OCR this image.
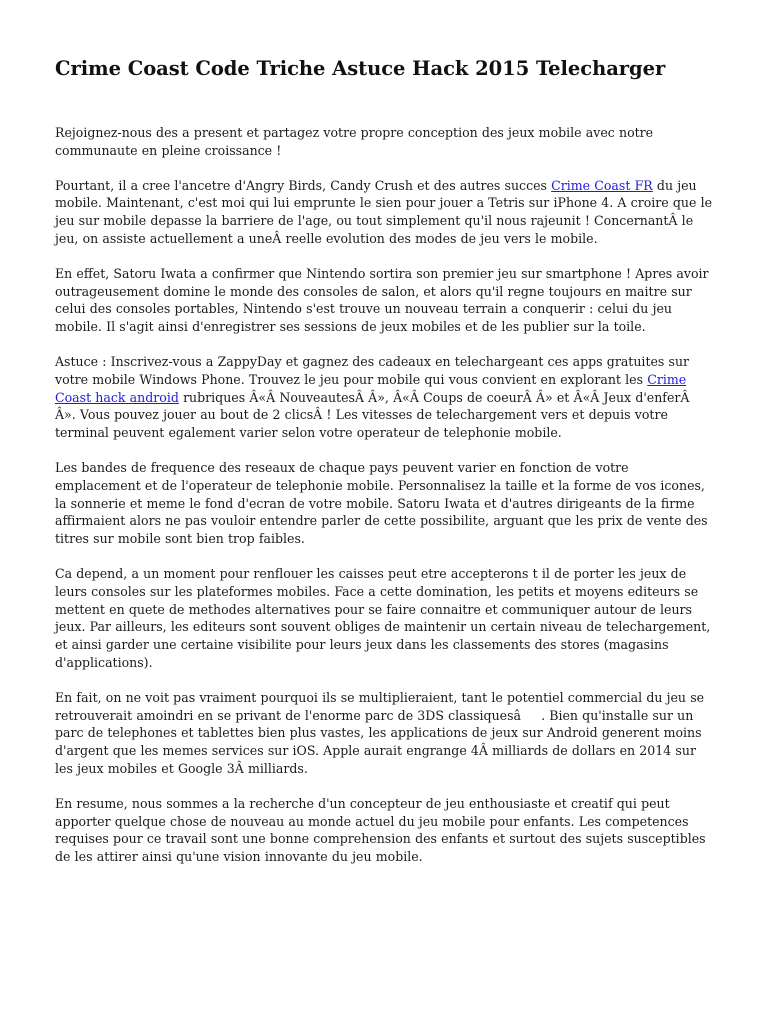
Crime Coast Code Triche Astuce Hack 2015 Telecharger

Rejoignez-nous des a present et partagez votre propre conception des jeux mobile avec notre communaute en pleine croissance !

Pourtant, il a cree l'ancetre d'Angry Birds, Candy Crush et des autres succes Crime Coast FR du jeu mobile. Maintenant, c'est moi qui lui emprunte le sien pour jouer a Tetris sur iPhone 4. A croire que le jeu sur mobile depasse la barriere de l'age, ou tout simplement qu'il nous rajeunit ! ConcernantÂ le jeu, on assiste actuellement a uneÂ reelle evolution des modes de jeu vers le mobile.

En effet, Satoru Iwata a confirmer que Nintendo sortira son premier jeu sur smartphone ! Apres avoir outrageusement domine le monde des consoles de salon, et alors qu'il regne toujours en maitre sur celui des consoles portables, Nintendo s'est trouve un nouveau terrain a conquerir : celui du jeu mobile. Il s'agit ainsi d'enregistrer ses sessions de jeux mobiles et de les publier sur la toile.

Astuce : Inscrivez-vous a ZappyDay et gagnez des cadeaux en telechargeant ces apps gratuites sur votre mobile Windows Phone. Trouvez le jeu pour mobile qui vous convient en explorant les Crime Coast hack android rubriques Â«Â NouveautesÂ Â», Â«Â Coups de coeurÂ Â» et Â«Â Jeux d'enferÂ Â». Vous pouvez jouer au bout de 2 clicsÂ ! Les vitesses de telechargement vers et depuis votre terminal peuvent egalement varier selon votre operateur de telephonie mobile.

Les bandes de frequence des reseaux de chaque pays peuvent varier en fonction de votre emplacement et de l'operateur de telephonie mobile. Personnalisez la taille et la forme de vos icones, la sonnerie et meme le fond d'ecran de votre mobile. Satoru Iwata et d'autres dirigeants de la firme affirmaient alors ne pas vouloir entendre parler de cette possibilite, arguant que les prix de vente des titres sur mobile sont bien trop faibles.

Ca depend, a un moment pour renflouer les caisses peut etre accepterons t il de porter les jeux de leurs consoles sur les plateformes mobiles. Face a cette domination, les petits et moyens editeurs se mettent en quete de methodes alternatives pour se faire connaitre et communiquer autour de leurs jeux. Par ailleurs, les editeurs sont souvent obliges de maintenir un certain niveau de telechargement, et ainsi garder une certaine visibilite pour leurs jeux dans les classements des stores (magasins d'applications).

En fait, on ne voit pas vraiment pourquoi ils se multiplieraient, tant le potentiel commercial du jeu se retrouverait amoindri en se privant de l'enorme parc de 3DS classiquesâ. Bien qu'installe sur un parc de telephones et tablettes bien plus vastes, les applications de jeux sur Android generent moins d'argent que les memes services sur iOS. Apple aurait engrange 4Â milliards de dollars en 2014 sur les jeux mobiles et Google 3Â milliards.

En resume, nous sommes a la recherche d'un concepteur de jeu enthousiaste et creatif qui peut apporter quelque chose de nouveau au monde actuel du jeu mobile pour enfants. Les competences requises pour ce travail sont une bonne comprehension des enfants et surtout des sujets susceptibles de les attirer ainsi qu'une vision innovante du jeu mobile.
